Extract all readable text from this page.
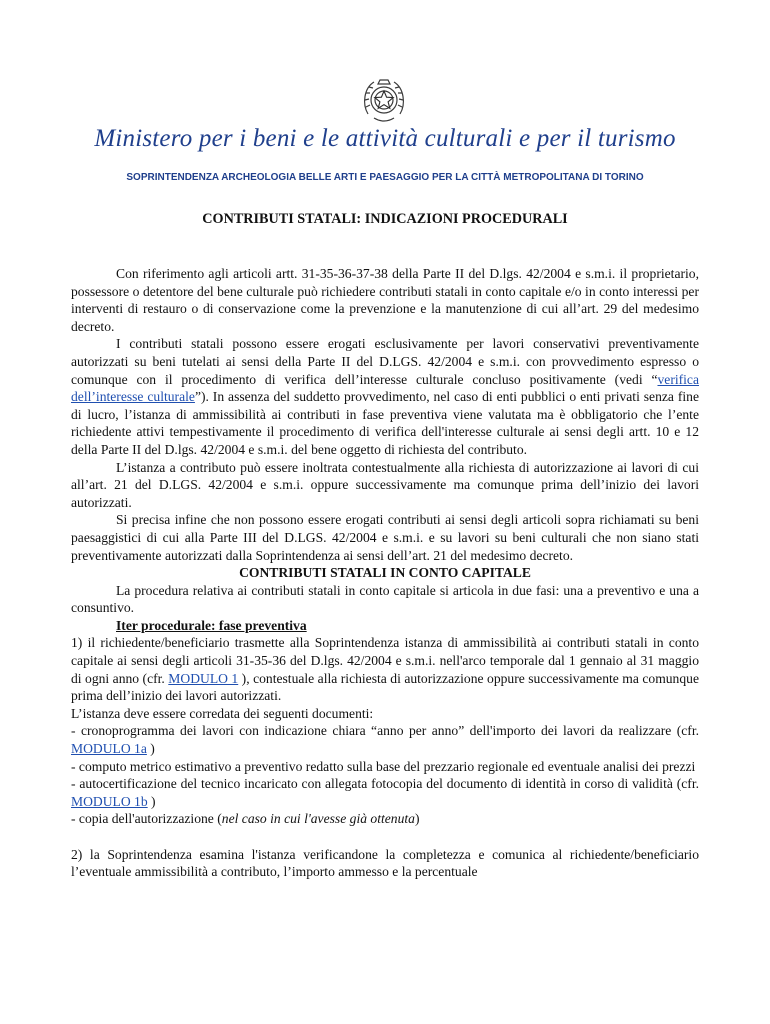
Ministero per i beni e le attività culturali e per il turismo
SOPRINTENDENZA ARCHEOLOGIA BELLE ARTI E PAESAGGIO PER LA CITTÀ METROPOLITANA DI TORINO
CONTRIBUTI STATALI: INDICAZIONI PROCEDURALI

Con riferimento agli articoli artt. 31-35-36-37-38 della Parte II del D.lgs. 42/2004 e s.m.i. il proprietario, possessore o detentore del bene culturale può richiedere contributi statali in conto capitale e/o in conto interessi per interventi di restauro o di conservazione come la prevenzione e la manutenzione di cui all’art. 29 del medesimo decreto.

I contributi statali possono essere erogati esclusivamente per lavori conservativi preventivamente autorizzati su beni tutelati ai sensi della Parte II del D.LGS. 42/2004 e s.m.i. con provvedimento espresso o comunque con il procedimento di verifica dell’interesse culturale concluso positivamente (vedi “verifica dell’interesse culturale”). In assenza del suddetto provvedimento, nel caso di enti pubblici o enti privati senza fine di lucro, l’istanza di ammissibilità ai contributi in fase preventiva viene valutata ma è obbligatorio che l’ente richiedente attivi tempestivamente il procedimento di verifica dell'interesse culturale ai sensi degli artt. 10 e 12 della Parte II del D.lgs. 42/2004 e s.m.i. del bene oggetto di richiesta del contributo.

L’istanza a contributo può essere inoltrata contestualmente alla richiesta di autorizzazione ai lavori di cui all’art. 21 del D.LGS. 42/2004 e s.m.i. oppure successivamente ma comunque prima dell’inizio dei lavori autorizzati.

Si precisa infine che non possono essere erogati contributi ai sensi degli articoli sopra richiamati su beni paesaggistici di cui alla Parte III del D.LGS. 42/2004 e s.m.i. e su lavori su beni culturali che non siano stati preventivamente autorizzati dalla Soprintendenza ai sensi dell’art. 21 del medesimo decreto.

CONTRIBUTI STATALI IN CONTO CAPITALE

La procedura relativa ai contributi statali in conto capitale si articola in due fasi: una a preventivo e una a consuntivo.

Iter procedurale: fase preventiva

1) il richiedente/beneficiario trasmette alla Soprintendenza istanza di ammissibilità ai contributi statali in conto capitale ai sensi degli articoli 31-35-36 del D.lgs. 42/2004 e s.m.i. nell'arco temporale dal 1 gennaio al 31 maggio di ogni anno (cfr. MODULO 1 ), contestuale alla richiesta di autorizzazione oppure successivamente ma comunque prima dell’inizio dei lavori autorizzati.

L’istanza deve essere corredata dei seguenti documenti:

- cronoprogramma dei lavori con indicazione chiara “anno per anno” dell'importo dei lavori da realizzare (cfr. MODULO 1a )

- computo metrico estimativo a preventivo redatto sulla base del prezzario regionale ed eventuale analisi dei prezzi

- autocertificazione del tecnico incaricato con allegata fotocopia del documento di identità in corso di validità (cfr. MODULO 1b )

- copia dell'autorizzazione (nel caso in cui l'avesse già ottenuta)

2) la Soprintendenza esamina l'istanza verificandone la completezza e comunica al richiedente/beneficiario l’eventuale ammissibilità a contributo, l’importo ammesso e la percentuale
